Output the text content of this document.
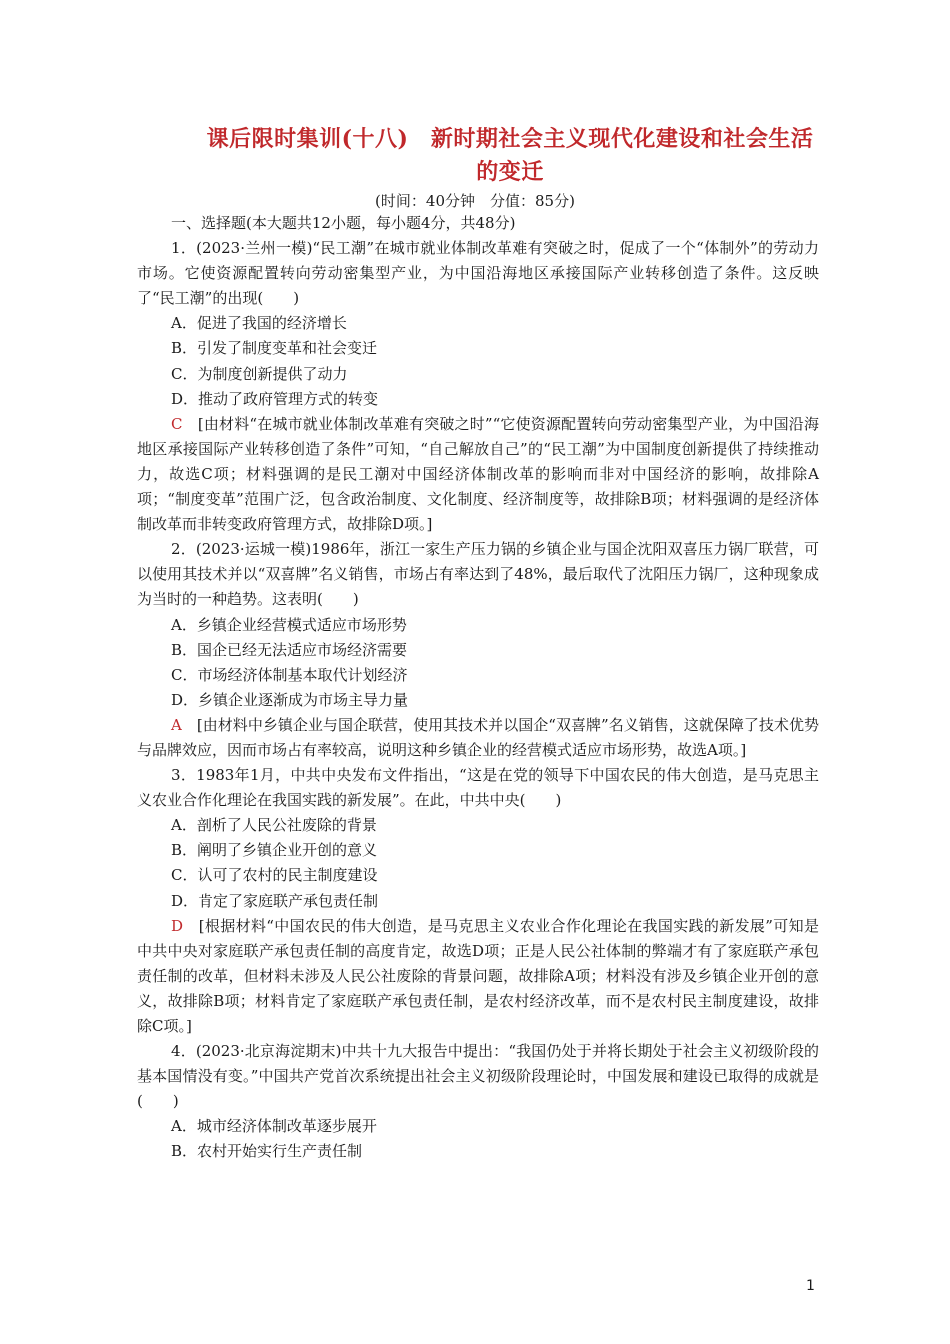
课后限时集训(十八)　新时期社会主义现代化建设和社会生活
的变迁
(时间：40分钟　分值：85分)

一、选择题(本大题共12小题，每小题4分，共48分)

1．(2023·兰州一模)“民工潮”在城市就业体制改革难有突破之时，促成了一个“体制外”的劳动力市场。它使资源配置转向劳动密集型产业，为中国沿海地区承接国际产业转移创造了条件。这反映了“民工潮”的出现(　　)

A．促进了我国的经济增长

B．引发了制度变革和社会变迁

C．为制度创新提供了动力

D．推动了政府管理方式的转变

C　 [由材料“在城市就业体制改革难有突破之时”“它使资源配置转向劳动密集型产业，为中国沿海地区承接国际产业转移创造了条件”可知，“自己解放自己”的“民工潮”为中国制度创新提供了持续推动力，故选C项；材料强调的是民工潮对中国经济体制改革的影响而非对中国经济的影响，故排除A项；“制度变革”范围广泛，包含政治制度、文化制度、经济制度等，故排除B项；材料强调的是经济体制改革而非转变政府管理方式，故排除D项。]

2．(2023·运城一模)1986年，浙江一家生产压力锅的乡镇企业与国企沈阳双喜压力锅厂联营，可以使用其技术并以“双喜牌”名义销售，市场占有率达到了48%，最后取代了沈阳压力锅厂，这种现象成为当时的一种趋势。这表明(　　)

A．乡镇企业经营模式适应市场形势

B．国企已经无法适应市场经济需要

C．市场经济体制基本取代计划经济

D．乡镇企业逐渐成为市场主导力量

A　 [由材料中乡镇企业与国企联营，使用其技术并以国企“双喜牌”名义销售，这就保障了技术优势与品牌效应，因而市场占有率较高，说明这种乡镇企业的经营模式适应市场形势，故选A项。]

3．1983年1月，中共中央发布文件指出，“这是在党的领导下中国农民的伟大创造，是马克思主义农业合作化理论在我国实践的新发展”。在此，中共中央(　　)

A．剖析了人民公社废除的背景

B．阐明了乡镇企业开创的意义

C．认可了农村的民主制度建设

D．肯定了家庭联产承包责任制

D　 [根据材料“中国农民的伟大创造，是马克思主义农业合作化理论在我国实践的新发展”可知是中共中央对家庭联产承包责任制的高度肯定，故选D项；正是人民公社体制的弊端才有了家庭联产承包责任制的改革，但材料未涉及人民公社废除的背景问题，故排除A项；材料没有涉及乡镇企业开创的意义，故排除B项；材料肯定了家庭联产承包责任制，是农村经济改革，而不是农村民主制度建设，故排除C项。]

4．(2023·北京海淀期末)中共十九大报告中提出：“我国仍处于并将长期处于社会主义初级阶段的基本国情没有变。”中国共产党首次系统提出社会主义初级阶段理论时，中国发展和建设已取得的成就是(　　)

A．城市经济体制改革逐步展开

B．农村开始实行生产责任制

1
